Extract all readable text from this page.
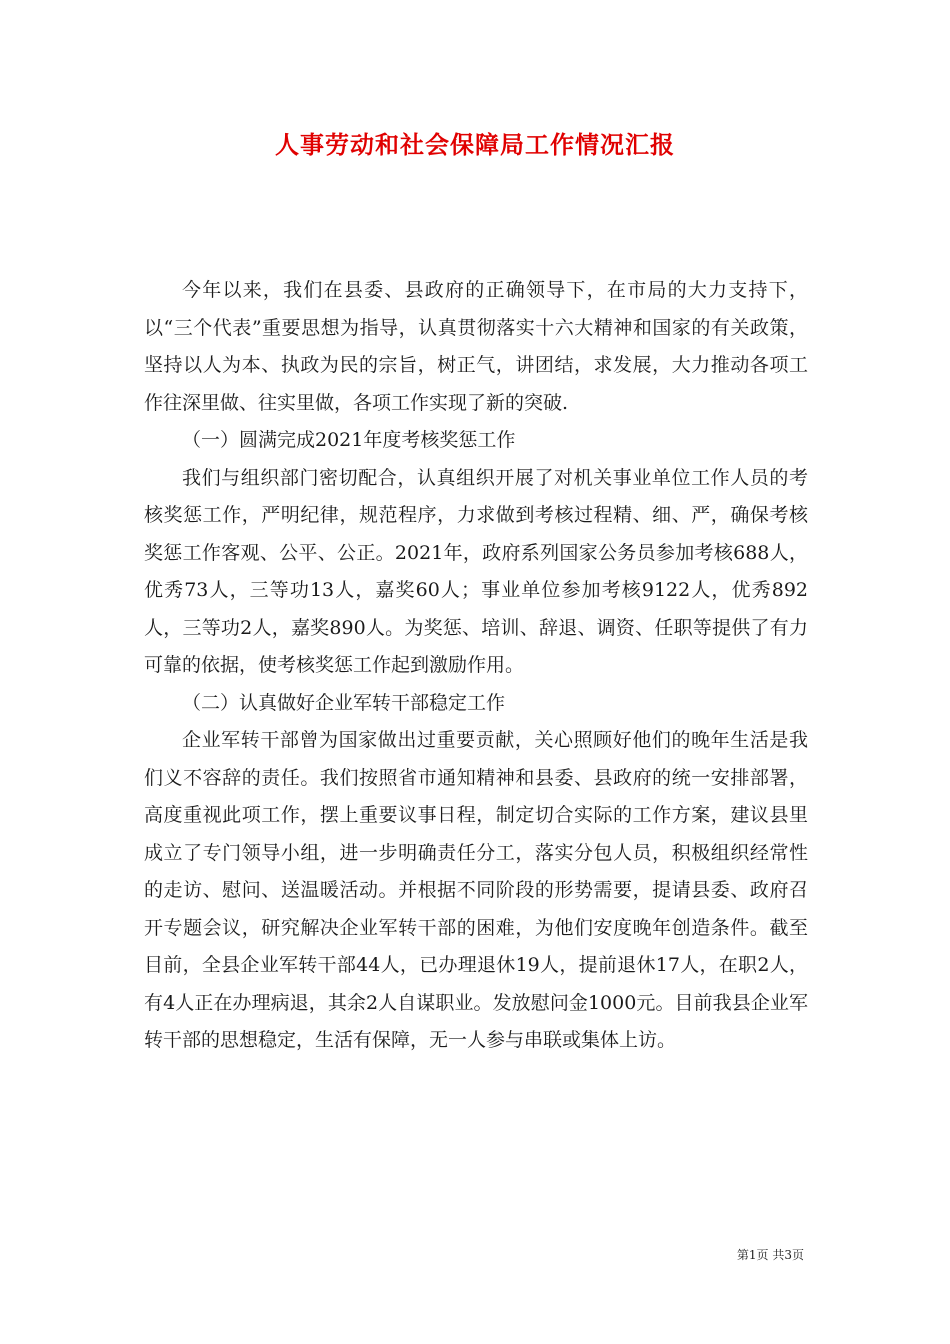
人事劳动和社会保障局工作情况汇报

今年以来，我们在县委、县政府的正确领导下，在市局的大力支持下，以“三个代表”重要思想为指导，认真贯彻落实十六大精神和国家的有关政策，坚持以人为本、执政为民的宗旨，树正气，讲团结，求发展，大力推动各项工作往深里做、往实里做，各项工作实现了新的突破.

（一）圆满完成2021年度考核奖惩工作

我们与组织部门密切配合，认真组织开展了对机关事业单位工作人员的考核奖惩工作，严明纪律，规范程序，力求做到考核过程精、细、严，确保考核奖惩工作客观、公平、公正。2021年，政府系列国家公务员参加考核688人，优秀73人，三等功13人，嘉奖60人；事业单位参加考核9122人，优秀892人，三等功2人，嘉奖890人。为奖惩、培训、辞退、调资、任职等提供了有力可靠的依据，使考核奖惩工作起到激励作用。

（二）认真做好企业军转干部稳定工作

企业军转干部曾为国家做出过重要贡献，关心照顾好他们的晚年生活是我们义不容辞的责任。我们按照省市通知精神和县委、县政府的统一安排部署，高度重视此项工作，摆上重要议事日程，制定切合实际的工作方案，建议县里成立了专门领导小组，进一步明确责任分工，落实分包人员，积极组织经常性的走访、慰问、送温暖活动。并根据不同阶段的形势需要，提请县委、政府召开专题会议，研究解决企业军转干部的困难，为他们安度晚年创造条件。截至目前，全县企业军转干部44人，已办理退休19人，提前退休17人，在职2人，有4人正在办理病退，其余2人自谋职业。发放慰问金1000元。目前我县企业军转干部的思想稳定，生活有保障，无一人参与串联或集体上访。

第1页 共3页
